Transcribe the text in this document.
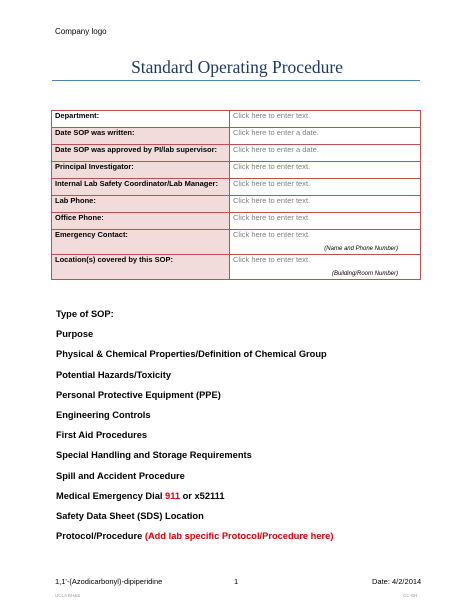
Company logo
Standard Operating Procedure
Department:	Click here to enter text.
Date SOP was written:	Click here to enter a date.
Date SOP was approved by PI/lab supervisor:	Click here to enter a date.
Principal Investigator:	Click here to enter text.
Internal Lab Safety Coordinator/Lab Manager:	Click here to enter text.
Lab Phone:	Click here to enter text.
Office Phone:	Click here to enter text.
Emergency Contact:	Click here to enter text.
(Name and Phone Number)

Location(s) covered by this SOP:	Click here to enter text.
(Building/Room Number)
Type of SOP:
Purpose
Physical & Chemical Properties/Definition of Chemical Group
Potential Hazards/Toxicity
Personal Protective Equipment (PPE)
Engineering Controls
First Aid Procedures
Special Handling and Storage Requirements
Spill and Accident Procedure
Medical Emergency Dial 911 or x52111
Safety Data Sheet (SDS) Location
Protocol/Procedure (Add lab specific Protocol/Procedure here)
1,1'-(Azodicarbonyl)-dipiperidine	1	Date: 4/2/2014
UCLA EH&S	CC-SH
